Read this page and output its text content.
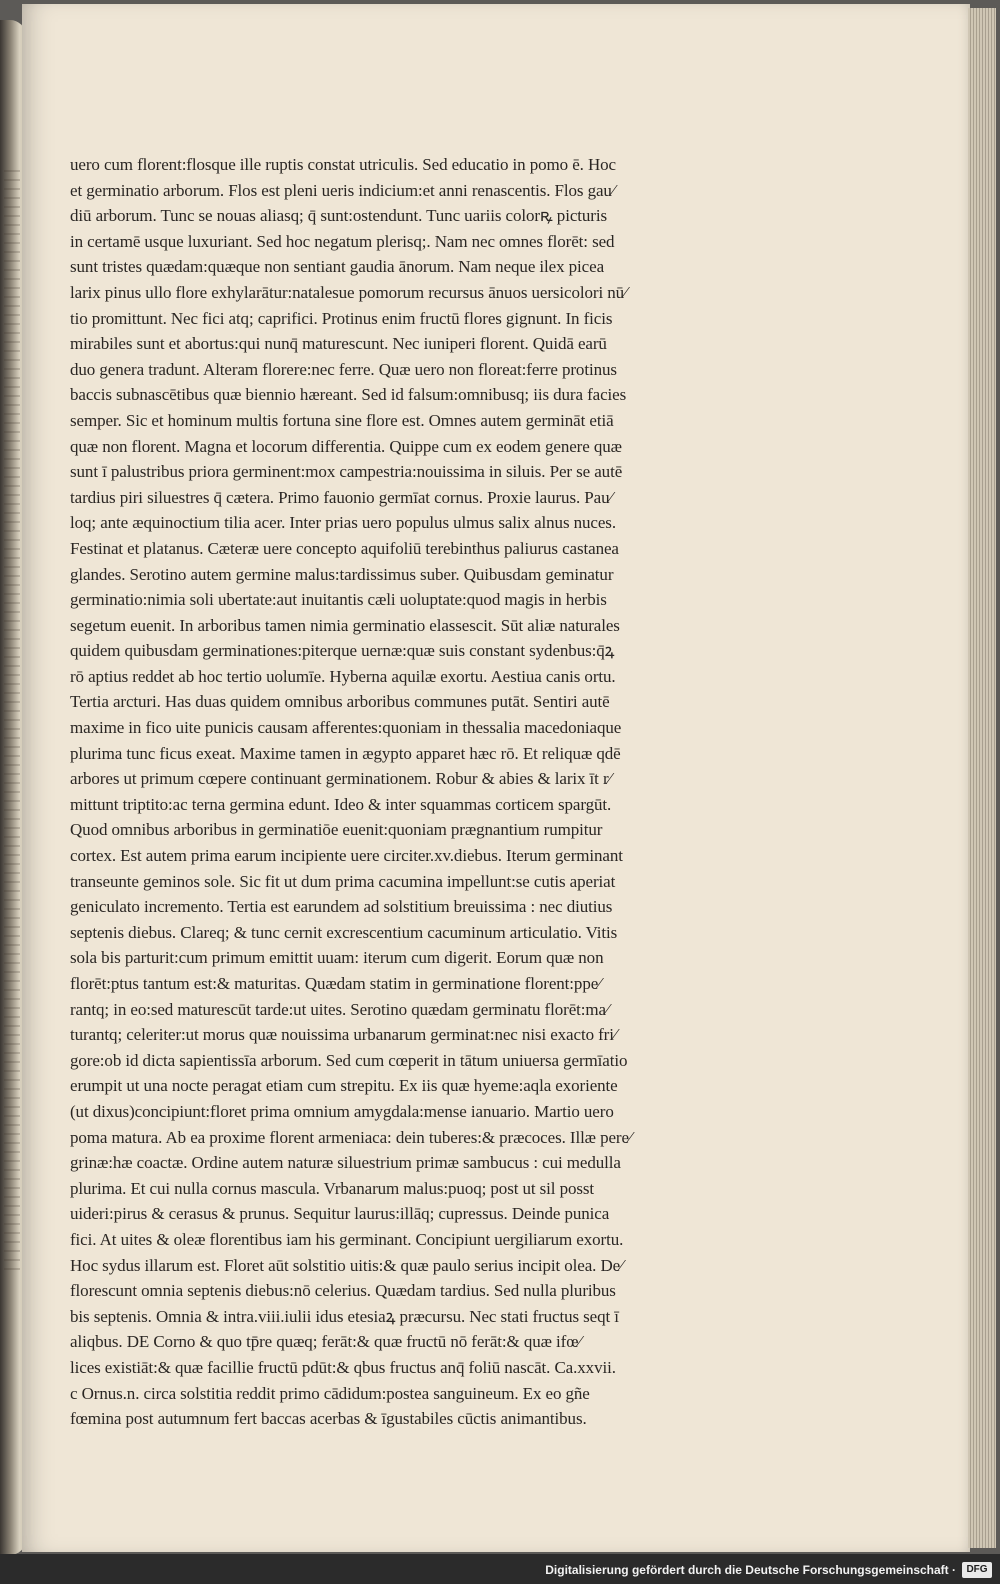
uero cum florent:flosque ille ruptis constat utriculis. Sed educatio in pomo ē. Hoc
et germinatio arborum. Flos est pleni ueris indicium:et anni renascentis. Flos gau⁄
diū arborum. Tunc se nouas aliasq; q̄ sunt:ostendunt. Tunc uariis colorꝶ picturis
in certamē usque luxuriant. Sed hoc negatum plerisq;. Nam nec omnes florēt: sed
sunt tristes quædam:quæque non sentiant gaudia ānorum. Nam neque ilex picea
larix pinus ullo flore exhylarātur:natalesue pomorum recursus ānuos uersicolori nū⁄
tio promittunt. Nec fici atq; caprifici. Protinus enim fructū flores gignunt. In ficis
mirabiles sunt et abortus:qui nunq̄ maturescunt. Nec iuniperi florent. Quidā earū
duo genera tradunt. Alteram florere:nec ferre. Quæ uero non floreat:ferre protinus
baccis subnascētibus quæ biennio hæreant. Sed id falsum:omnibusq; iis dura facies
semper. Sic et hominum multis fortuna sine flore est. Omnes autem germināt etiā
quæ non florent. Magna et locorum differentia. Quippe cum ex eodem genere quæ
sunt ī palustribus priora germinent:mox campestria:nouissima in siluis. Per se autē
tardius piri siluestres q̄ cætera. Primo fauonio germīat cornus. Proxie laurus. Pau⁄
loq; ante æquinoctium tilia acer. Inter prias uero populus ulmus salix alnus nuces.
Festinat et platanus. Cæteræ uere concepto aquifoliū terebinthus paliurus castanea
glandes. Serotino autem germine malus:tardissimus suber. Quibusdam geminatur
germinatio:nimia soli ubertate:aut inuitantis cæli uoluptate:quod magis in herbis
segetum euenit. In arboribus tamen nimia germinatio elassescit. Sūt aliæ naturales
quidem quibusdam germinationes:piterque uernæ:quæ suis constant sydenbus:q̄ꝝ
rō aptius reddet ab hoc tertio uolumīe. Hyberna aquilæ exortu. Aestiua canis ortu.
Tertia arcturi. Has duas quidem omnibus arboribus communes putāt. Sentiri autē
maxime in fico uite punicis causam afferentes:quoniam in thessalia macedoniaque
plurima tunc ficus exeat. Maxime tamen in ægypto apparet hæc rō. Et reliquæ qdē
arbores ut primum cœpere continuant germinationem. Robur & abies & larix īt r⁄
mittunt triptito:ac terna germina edunt. Ideo & inter squammas corticem spargūt.
Quod omnibus arboribus in germinatiōe euenit:quoniam prægnantium rumpitur
cortex. Est autem prima earum incipiente uere circiter.xv.diebus. Iterum germinant
transeunte geminos sole. Sic fit ut dum prima cacumina impellunt:se cutis aperiat
geniculato incremento. Tertia est earundem ad solstitium breuissima : nec diutius
septenis diebus. Clareq; & tunc cernit excrescentium cacuminum articulatio. Vitis
sola bis parturit:cum primum emittit uuam: iterum cum digerit. Eorum quæ non
florēt:ptus tantum est:& maturitas. Quædam statim in germinatione florent:ppe⁄
rantq; in eo:sed maturescūt tarde:ut uites. Serotino quædam germinatu florēt:ma⁄
turantq; celeriter:ut morus quæ nouissima urbanarum germinat:nec nisi exacto fri⁄
gore:ob id dicta sapientissīa arborum. Sed cum cœperit in tātum uniuersa germīatio
erumpit ut una nocte peragat etiam cum strepitu. Ex iis quæ hyeme:aqla exoriente
(ut dixus)concipiunt:floret prima omnium amygdala:mense ianuario. Martio uero
poma matura. Ab ea proxime florent armeniaca: dein tuberes:& præcoces. Illæ pere⁄
grinæ:hæ coactæ. Ordine autem naturæ siluestrium primæ sambucus : cui medulla
plurima. Et cui nulla cornus mascula. Vrbanarum malus:puoq; post ut sil posst
uideri:pirus & cerasus & prunus. Sequitur laurus:illāq; cupressus. Deinde punica
fici. At uites & oleæ florentibus iam his germinant. Concipiunt uergiliarum exortu.
Hoc sydus illarum est. Floret aūt solstitio uitis:& quæ paulo serius incipit olea. De⁄
florescunt omnia septenis diebus:nō celerius. Quædam tardius. Sed nulla pluribus
bis septenis. Omnia & intra.viii.iulii idus etesiaꝝ præcursu. Nec stati fructus seqt ī
aliqbus. DE Corno & quo tp̄re quæq; ferāt:& quæ fructū nō ferāt:& quæ ifœ⁄
lices existiāt:& quæ facillie fructū pdūt:& qbus fructus anq̄ foliū nascāt. Ca.xxvii.
c Ornus.n. circa solstitia reddit primo cādidum:postea sanguineum. Ex eo gñe
fœmina post autumnum fert baccas acerbas & īgustabiles cūctis animantibus.
Digitalisierung gefördert durch die Deutsche Forschungsgemeinschaft ·	DFG
